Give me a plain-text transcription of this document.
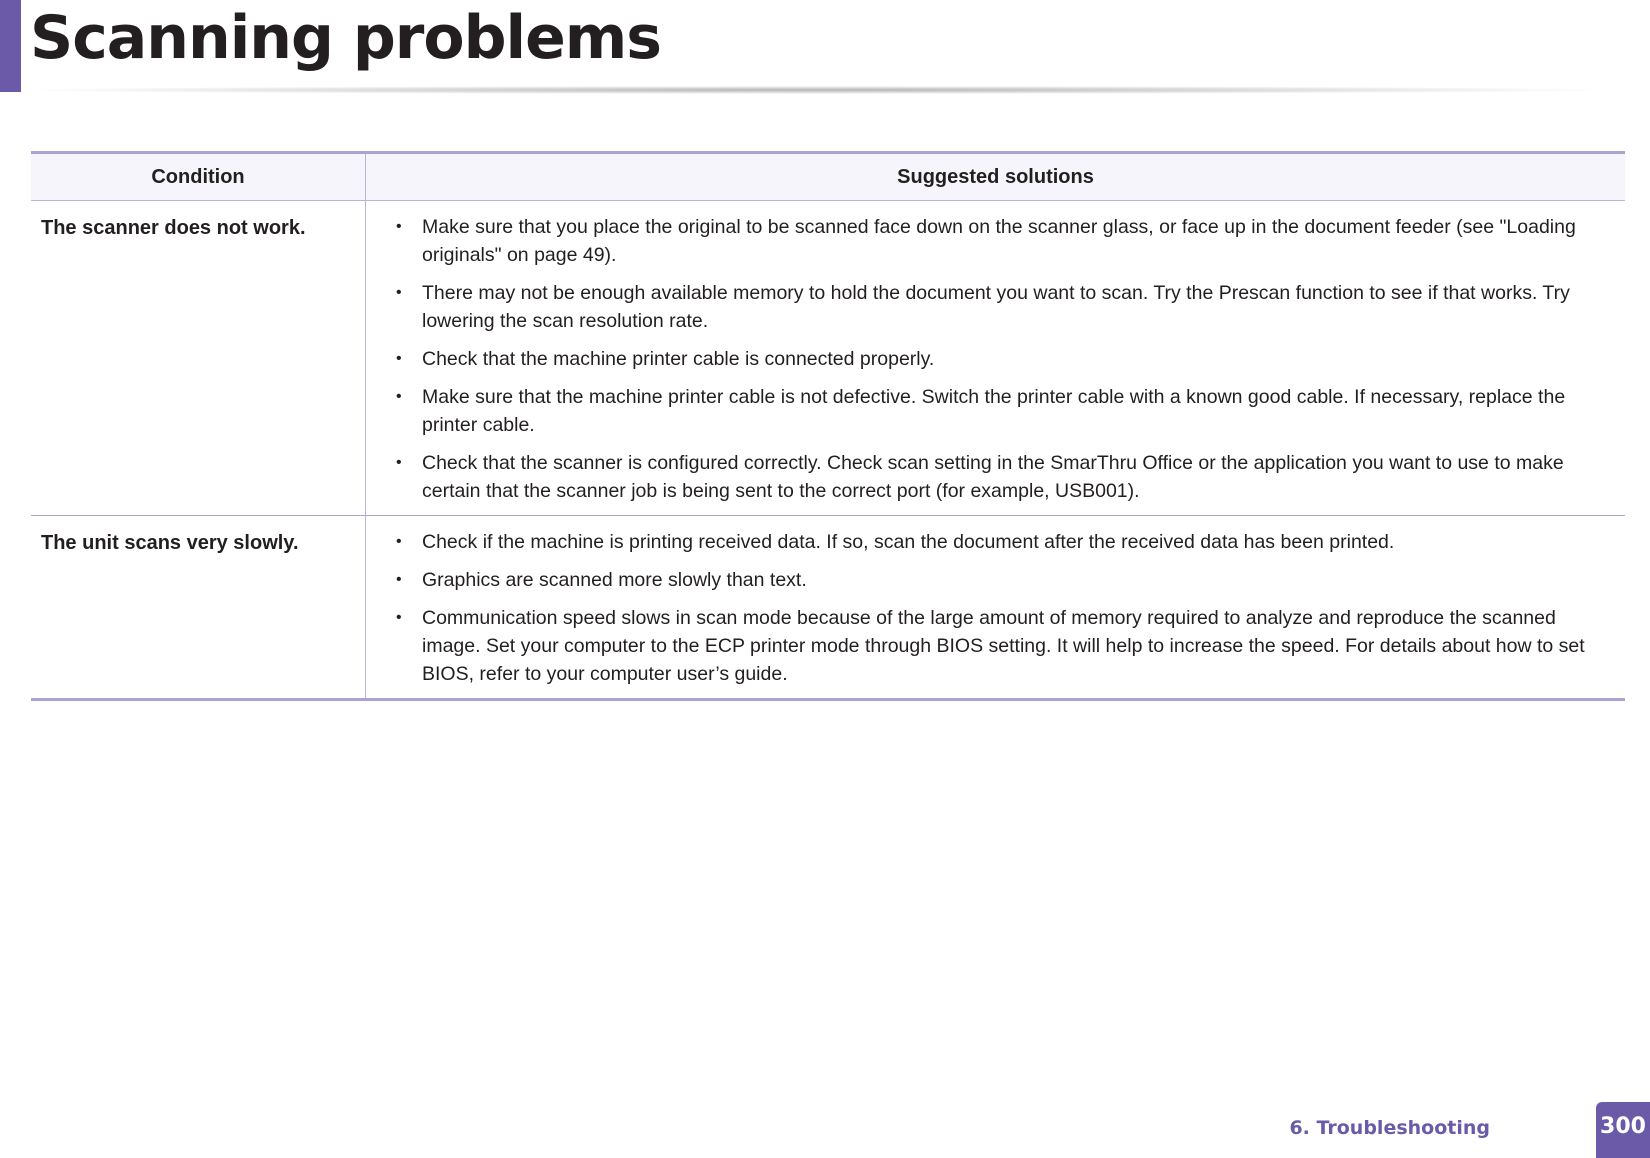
Scanning problems
Condition	Suggested solutions
The scanner does not work.	• Make sure that you place the original to be scanned face down on the scanner glass, or face up in the document feeder (see "Loading originals" on page 49).
• There may not be enough available memory to hold the document you want to scan. Try the Prescan function to see if that works. Try lowering the scan resolution rate.
• Check that the machine printer cable is connected properly.
• Make sure that the machine printer cable is not defective. Switch the printer cable with a known good cable. If necessary, replace the printer cable.
• Check that the scanner is configured correctly. Check scan setting in the SmarThru Office or the application you want to use to make certain that the scanner job is being sent to the correct port (for example, USB001).
The unit scans very slowly.	• Check if the machine is printing received data. If so, scan the document after the received data has been printed.
• Graphics are scanned more slowly than text.
• Communication speed slows in scan mode because of the large amount of memory required to analyze and reproduce the scanned image. Set your computer to the ECP printer mode through BIOS setting. It will help to increase the speed. For details about how to set BIOS, refer to your computer user’s guide.
6. Troubleshooting	300
